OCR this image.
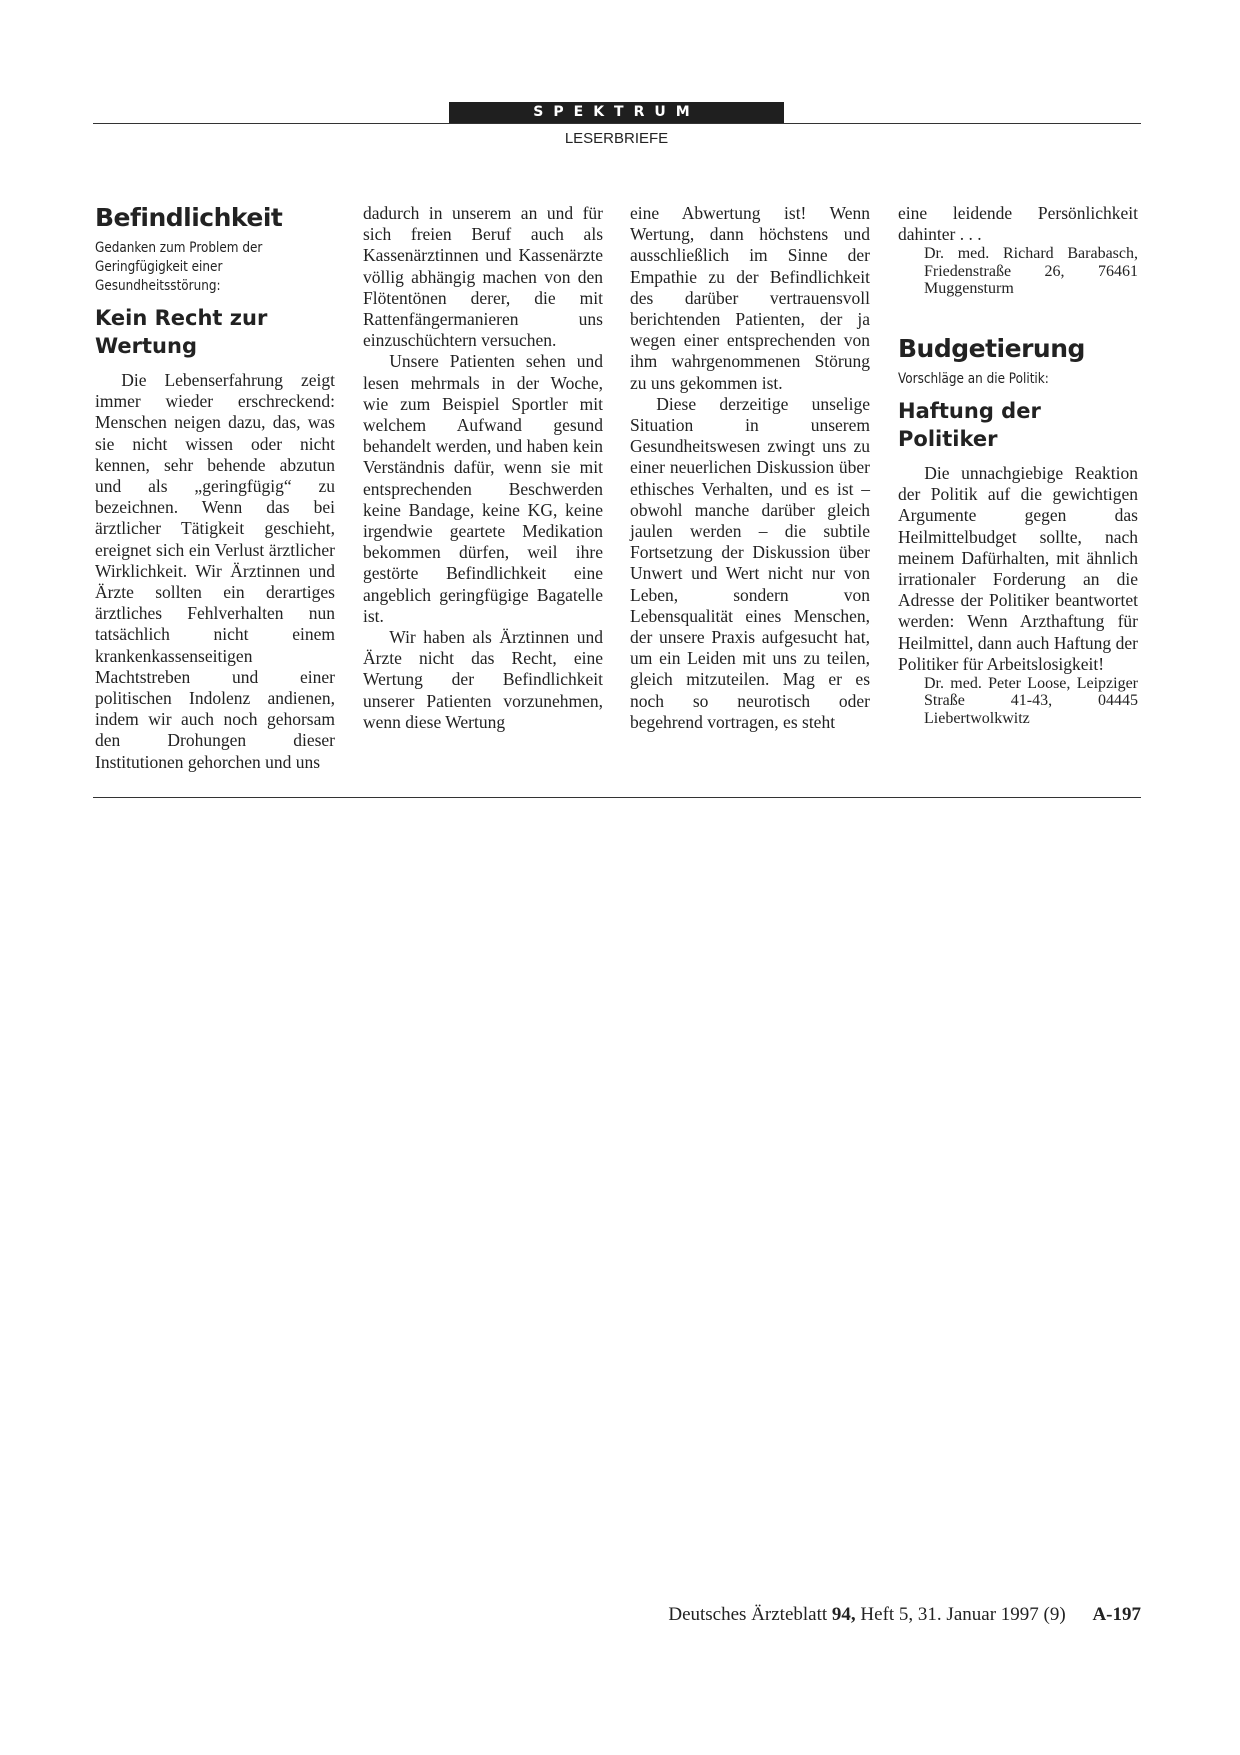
SPEKTRUM
LESERBRIEFE
Befindlichkeit
Gedanken zum Problem der Geringfügigkeit einer Gesundheitsstörung:
Kein Recht zur Wertung

Die Lebenserfahrung zeigt immer wieder erschreckend: Menschen neigen dazu, das, was sie nicht wissen oder nicht kennen, sehr behende abzutun und als „geringfügig“ zu bezeichnen. Wenn das bei ärztlicher Tätigkeit geschieht, ereignet sich ein Verlust ärztlicher Wirklichkeit. Wir Ärztinnen und Ärzte sollten ein derartiges ärztliches Fehlverhalten nun tatsächlich nicht einem krankenkassenseitigen Machtstreben und einer politischen Indolenz andienen, indem wir auch noch gehorsam den Drohungen dieser Institutionen gehorchen und uns

dadurch in unserem an und für sich freien Beruf auch als Kassenärztinnen und Kassenärzte völlig abhängig machen von den Flötentönen derer, die mit Rattenfängermanieren uns einzuschüchtern versuchen.

Unsere Patienten sehen und lesen mehrmals in der Woche, wie zum Beispiel Sportler mit welchem Aufwand gesund behandelt werden, und haben kein Verständnis dafür, wenn sie mit entsprechenden Beschwerden keine Bandage, keine KG, keine irgendwie geartete Medikation bekommen dürfen, weil ihre gestörte Befindlichkeit eine angeblich geringfügige Bagatelle ist.

Wir haben als Ärztinnen und Ärzte nicht das Recht, eine Wertung der Befindlichkeit unserer Patienten vorzunehmen, wenn diese Wertung

eine Abwertung ist! Wenn Wertung, dann höchstens und ausschließlich im Sinne der Empathie zu der Befindlichkeit des darüber vertrauensvoll berichtenden Patienten, der ja wegen einer entsprechenden von ihm wahrgenommenen Störung zu uns gekommen ist.

Diese derzeitige unselige Situation in unserem Gesundheitswesen zwingt uns zu einer neuerlichen Diskussion über ethisches Verhalten, und es ist – obwohl manche darüber gleich jaulen werden – die subtile Fortsetzung der Diskussion über Unwert und Wert nicht nur von Leben, sondern von Lebensqualität eines Menschen, der unsere Praxis aufgesucht hat, um ein Leiden mit uns zu teilen, gleich mitzuteilen. Mag er es noch so neurotisch oder begehrend vortragen, es steht

eine leidende Persönlichkeit dahinter . . .

Dr. med. Richard Barabasch, Friedenstraße 26, 76461 Muggensturm

Budgetierung
Vorschläge an die Politik:
Haftung der Politiker

Die unnachgiebige Reaktion der Politik auf die gewichtigen Argumente gegen das Heilmittelbudget sollte, nach meinem Dafürhalten, mit ähnlich irrationaler Forderung an die Adresse der Politiker beantwortet werden: Wenn Arzthaftung für Heilmittel, dann auch Haftung der Politiker für Arbeitslosigkeit!

Dr. med. Peter Loose, Leipziger Straße 41-43, 04445 Liebertwolkwitz

Deutsches Ärzteblatt 94, Heft 5, 31. Januar 1997 (9) A-197
